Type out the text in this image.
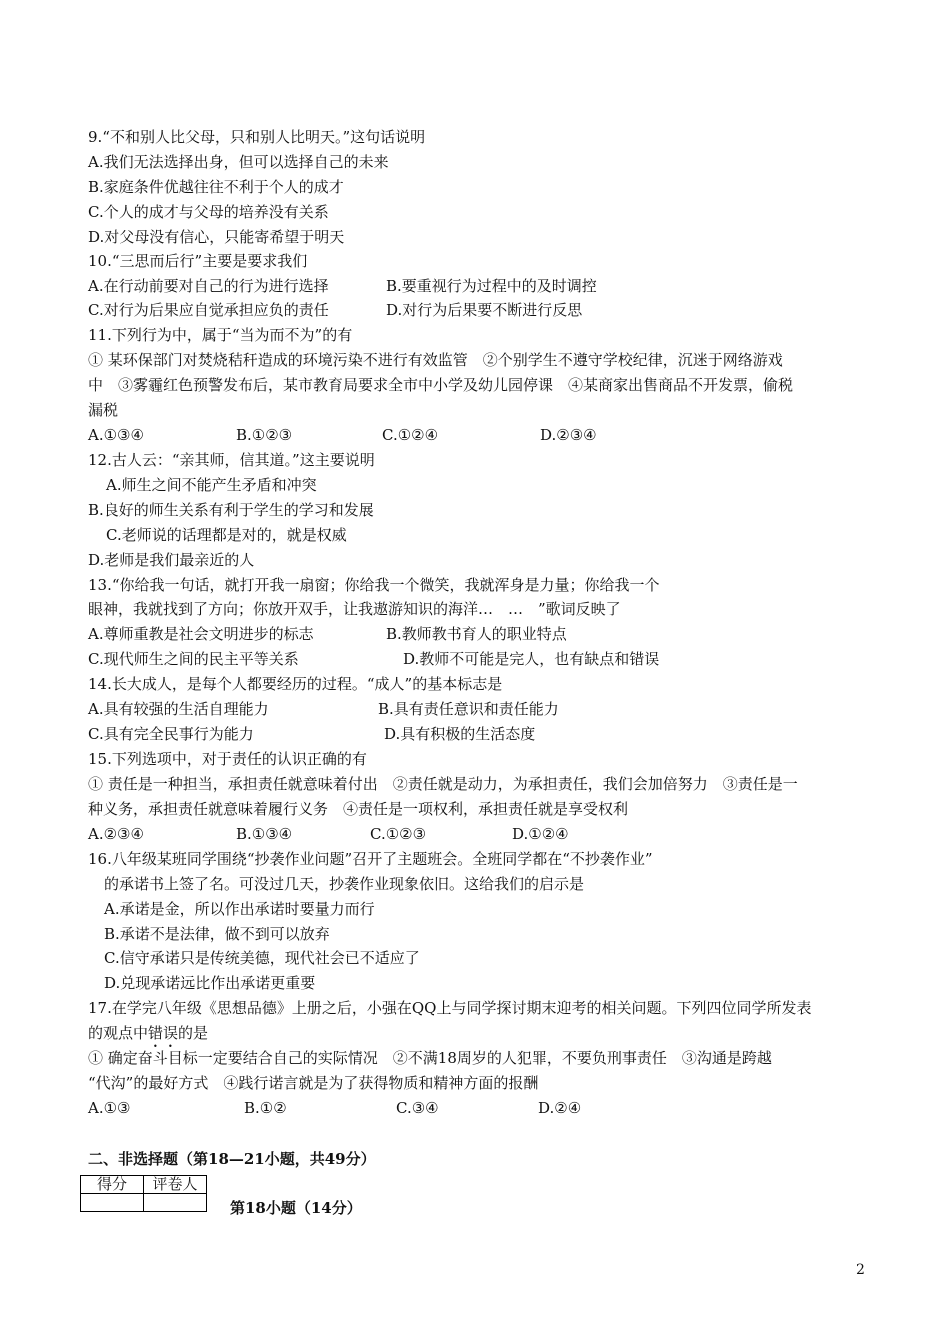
9.“不和别人比父母，只和别人比明天。”这句话说明
A.我们无法选择出身，但可以选择自己的未来
B.家庭条件优越往往不利于个人的成才
C.个人的成才与父母的培养没有关系
D.对父母没有信心，只能寄希望于明天
10.“三思而后行”主要是要求我们
A.在行动前要对自己的行为进行选择	B.要重视行为过程中的及时调控
C.对行为后果应自觉承担应负的责任	D.对行为后果要不断进行反思
11.下列行为中，属于“当为而不为”的有
① 某环保部门对焚烧秸秆造成的环境污染不进行有效监管　②个别学生不遵守学校纪律，沉迷于网络游戏
中　③雾霾红色预警发布后，某市教育局要求全市中小学及幼儿园停课　④某商家出售商品不开发票，偷税
漏税
A.①③④	B.①②③	C.①②④	D.②③④
12.古人云：“亲其师，信其道。”这主要说明
A.师生之间不能产生矛盾和冲突
B.良好的师生关系有利于学生的学习和发展
C.老师说的话理都是对的，就是权威
D.老师是我们最亲近的人
13.“你给我一句话，就打开我一扇窗；你给我一个微笑，我就浑身是力量；你给我一个
眼神，我就找到了方向；你放开双手，让我遨游知识的海洋…　…　”歌词反映了
A.尊师重教是社会文明进步的标志	B.教师教书育人的职业特点
C.现代师生之间的民主平等关系	D.教师不可能是完人，也有缺点和错误
14.长大成人，是每个人都要经历的过程。“成人”的基本标志是
A.具有较强的生活自理能力	B.具有责任意识和责任能力
C.具有完全民事行为能力	D.具有积极的生活态度
15.下列选项中，对于责任的认识正确的有
① 责任是一种担当，承担责任就意味着付出　②责任就是动力，为承担责任，我们会加倍努力　③责任是一
种义务，承担责任就意味着履行义务　④责任是一项权利，承担责任就是享受权利
A.②③④	B.①③④	C.①②③	D.①②④
16.八年级某班同学围绕“抄袭作业问题”召开了主题班会。全班同学都在“不抄袭作业”
的承诺书上签了名。可没过几天，抄袭作业现象依旧。这给我们的启示是
A.承诺是金，所以作出承诺时要量力而行
B.承诺不是法律，做不到可以放弃
C.信守承诺只是传统美德，现代社会已不适应了
D.兑现承诺远比作出承诺更重要
17.在学完八年级《思想品德》上册之后，小强在QQ上与同学探讨期末迎考的相关问题。下列四位同学所发表
的观点中错误的是
① 确定奋斗目标一定要结合自己的实际情况　②不满18周岁的人犯罪，不要负刑事责任　③沟通是跨越
“代沟”的最好方式　④践行诺言就是为了获得物质和精神方面的报酬
A.①③	B.①②	C.③④	D.②④
二、非选择题（第18—21小题，共49分）
得分	评卷人

第18小题（14分）
2
